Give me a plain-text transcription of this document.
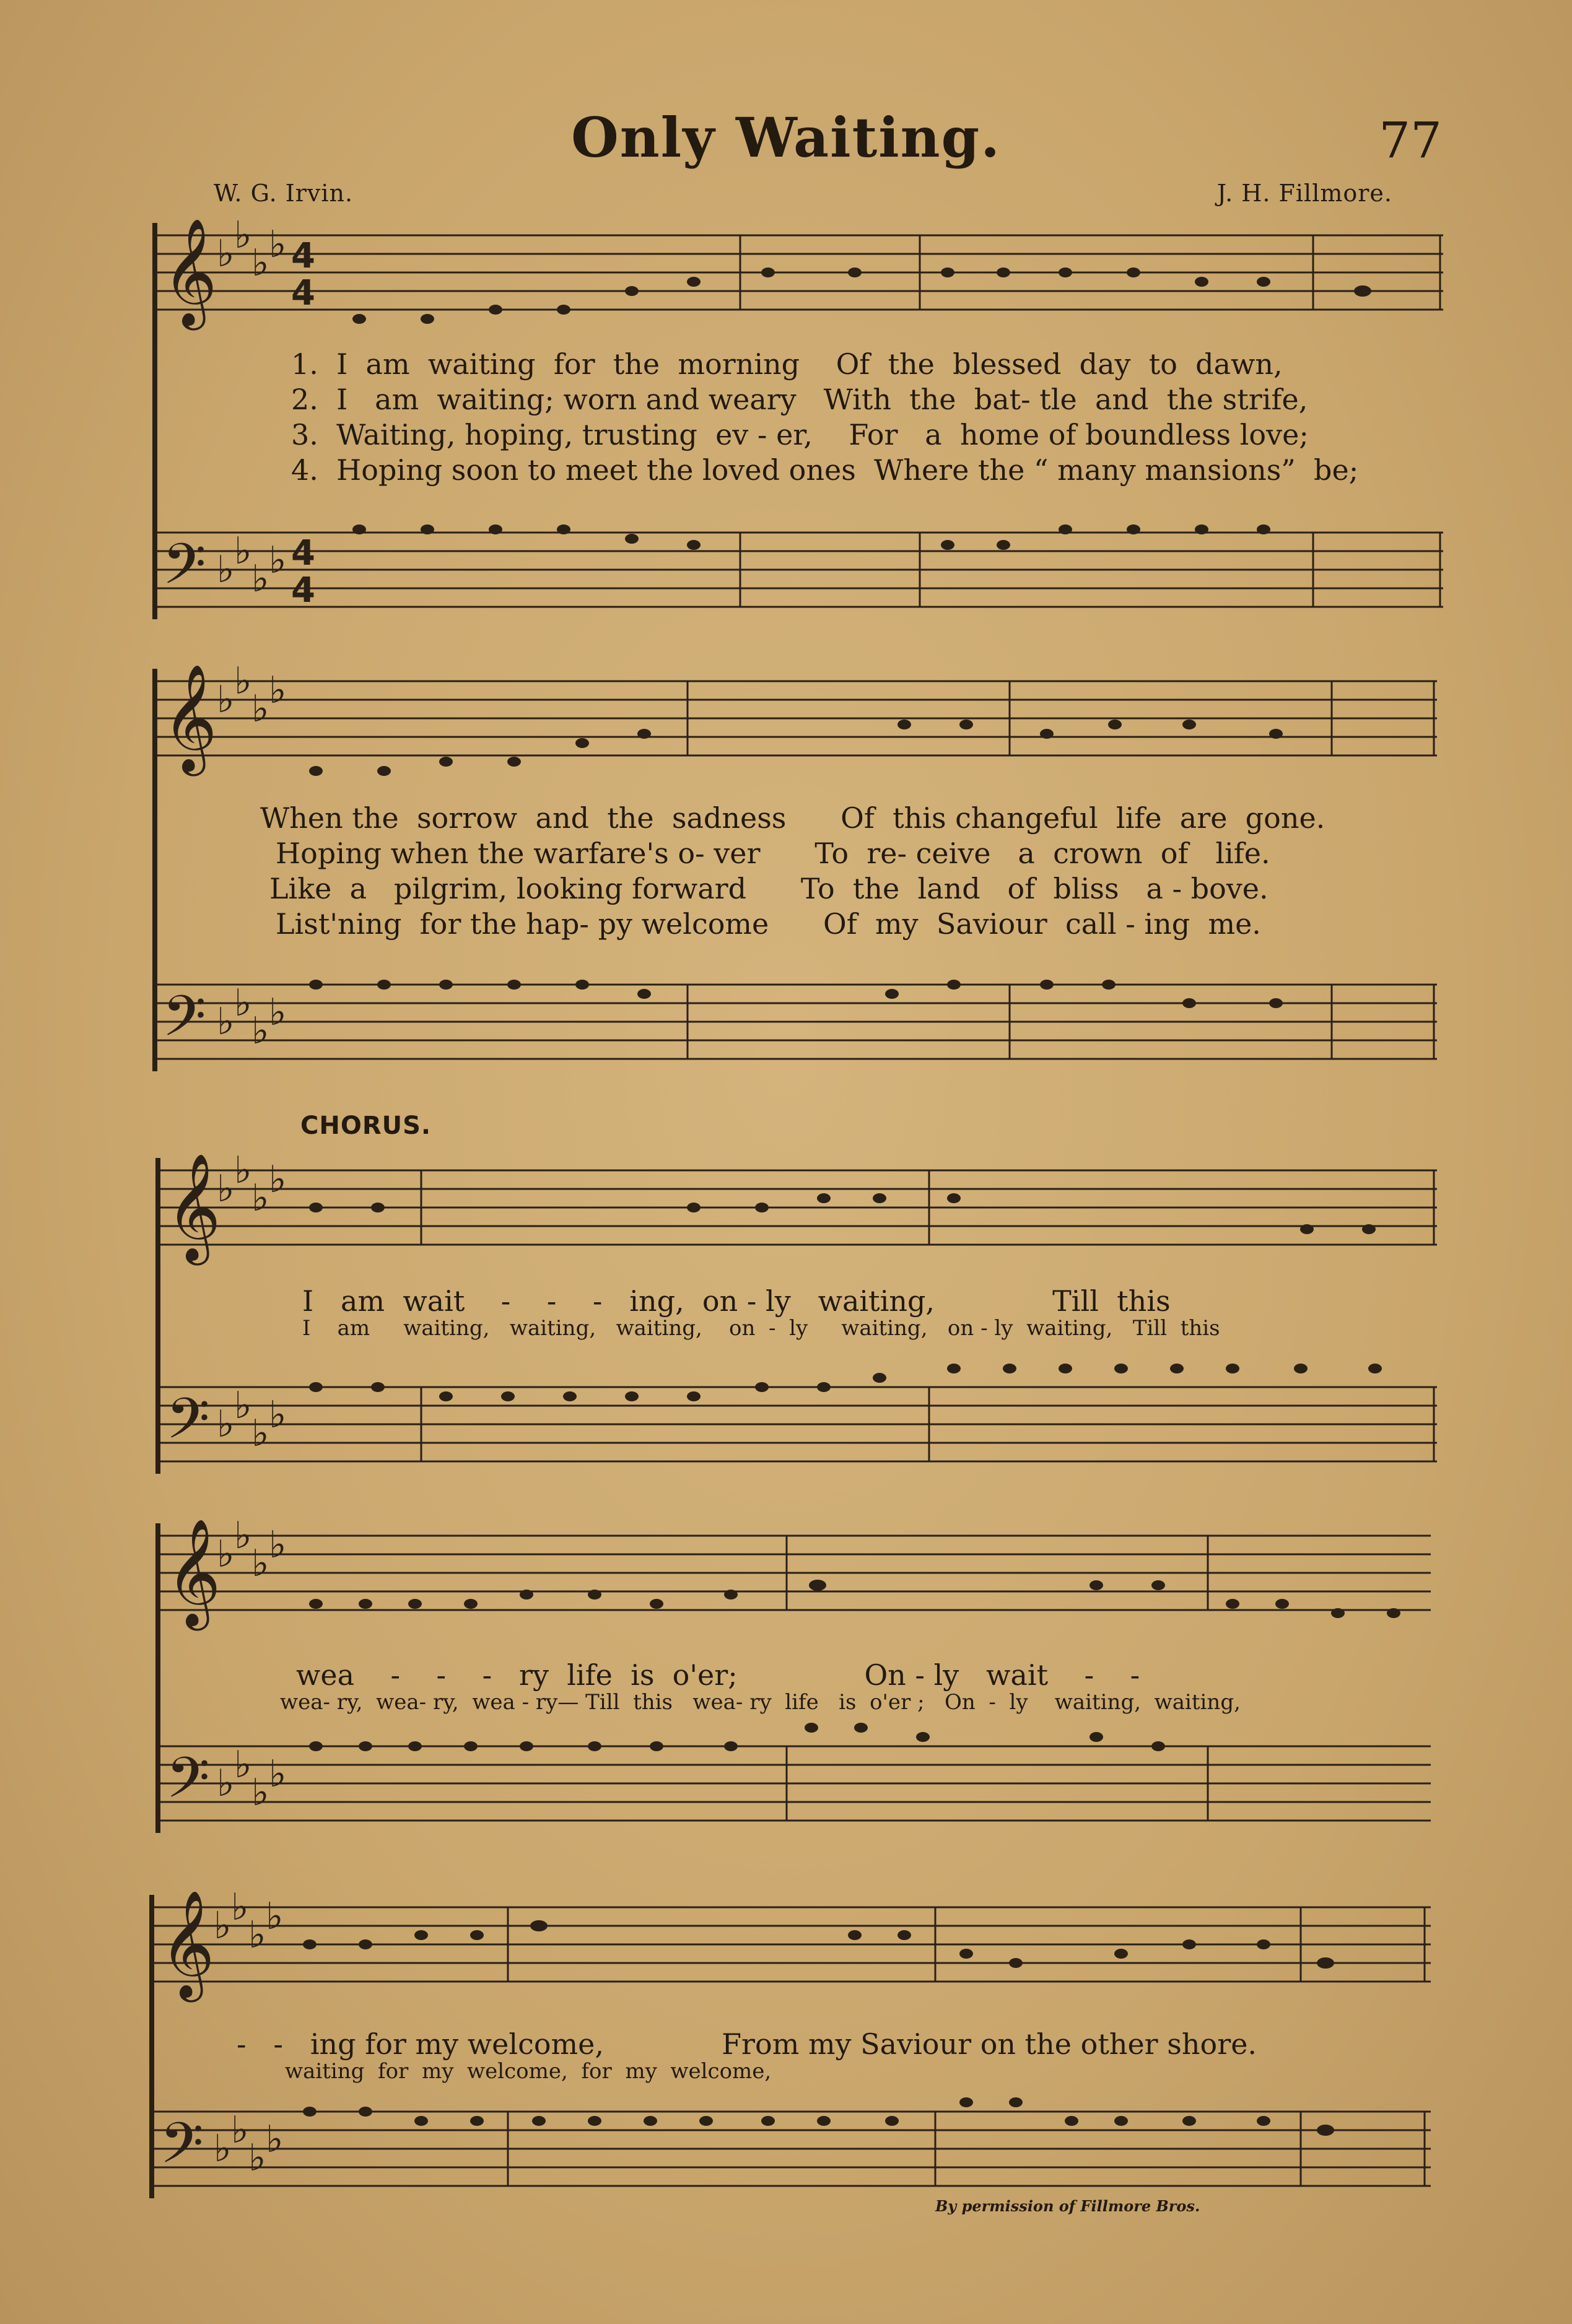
Only Waiting.	77
W. G. Irvin.	J. H. Fillmore.
𝄞
𝄢
𝄞
𝄢
𝄞
𝄢
𝄞
𝄢
𝄞
𝄢
♭ ♭
♭ ♭
♭ ♭
♭ ♭
♭ ♭
♭ ♭
♭ ♭
♭ ♭
♭ ♭
♭ ♭
♭ ♭
♭ ♭
♭ ♭
♭ ♭
♭ ♭
♭ ♭
♭ ♭
♭ ♭
♭ ♭
♭ ♭
4
4
4
4
1.  I  am  waiting  for  the  morning    Of  the  blessed  day  to  dawn,
2.  I   am  waiting; worn and weary   With  the  bat- tle  and  the strife,
3.  Waiting, hoping, trusting  ev - er,    For   a  home of boundless love;
4.  Hoping soon to meet the loved ones  Where the “ many mansions”  be;
When the  sorrow  and  the  sadness      Of  this changeful  life  are  gone.
Hoping when the warfare's o- ver      To  re- ceive   a  crown  of   life.
Like  a   pilgrim, looking forward      To  the  land   of  bliss   a - bove.
List'ning  for the hap- py welcome      Of  my  Saviour  call - ing  me.
CHORUS.
I   am  wait    -    -    -   ing,  on - ly   waiting,             Till  this
I    am     waiting,   waiting,   waiting,    on  -  ly     waiting,   on - ly  waiting,   Till  this
wea    -    -    -   ry  life  is  o'er;              On - ly   wait    -    -
wea- ry,  wea- ry,  wea - ry— Till  this   wea- ry  life   is  o'er ;   On  -  ly    waiting,  waiting,
-   -   ing for my welcome,             From my Saviour on the other shore.
waiting  for  my  welcome,  for  my  welcome,
By permission of Fillmore Bros.
